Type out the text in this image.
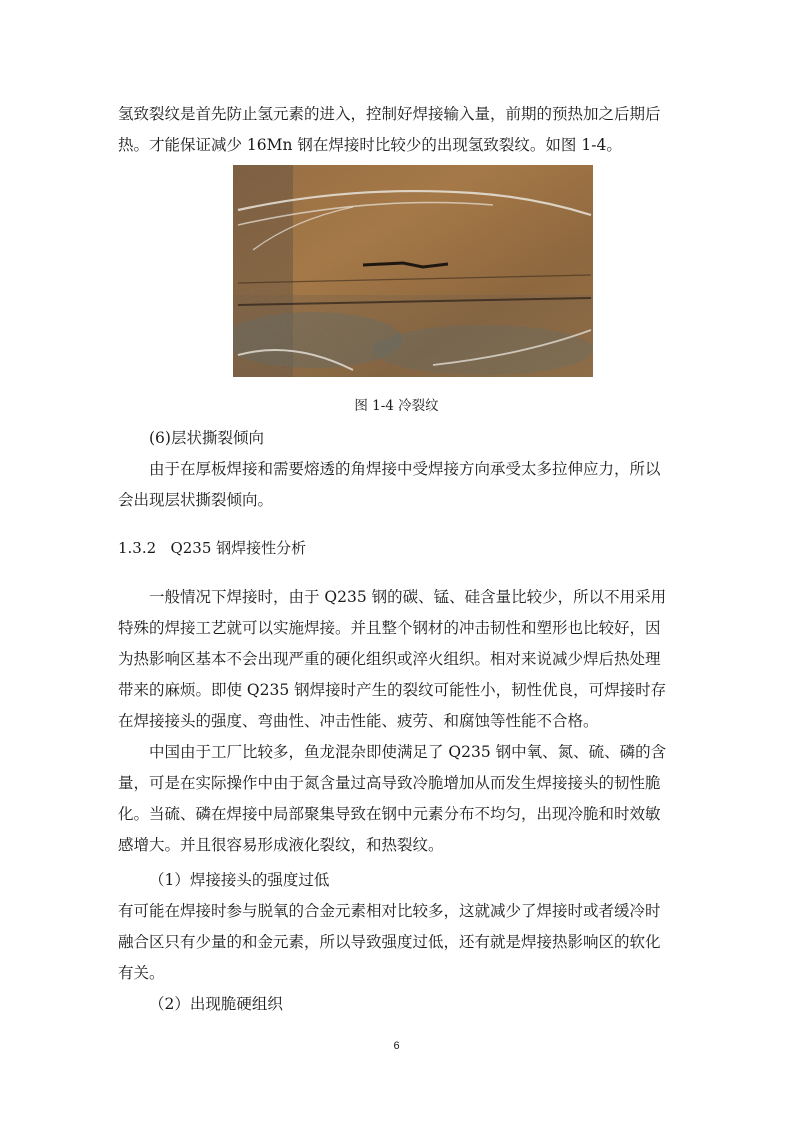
氢致裂纹是首先防止氢元素的进入，控制好焊接输入量，前期的预热加之后期后
热。才能保证减少 16Mn 钢在焊接时比较少的出现氢致裂纹。如图 1-4。

图 1-4 冷裂纹

(6)层状撕裂倾向

由于在厚板焊接和需要熔透的角焊接中受焊接方向承受太多拉伸应力，所以
会出现层状撕裂倾向。

1.3.2   Q235 钢焊接性分析

一般情况下焊接时，由于 Q235 钢的碳、锰、硅含量比较少，所以不用采用
特殊的焊接工艺就可以实施焊接。并且整个钢材的冲击韧性和塑形也比较好，因
为热影响区基本不会出现严重的硬化组织或淬火组织。相对来说减少焊后热处理
带来的麻烦。即使 Q235 钢焊接时产生的裂纹可能性小，韧性优良，可焊接时存
在焊接接头的强度、弯曲性、冲击性能、疲劳、和腐蚀等性能不合格。

中国由于工厂比较多，鱼龙混杂即使满足了 Q235 钢中氧、氮、硫、磷的含
量，可是在实际操作中由于氮含量过高导致冷脆增加从而发生焊接接头的韧性脆
化。当硫、磷在焊接中局部聚集导致在钢中元素分布不均匀，出现冷脆和时效敏
感增大。并且很容易形成液化裂纹，和热裂纹。

（1）焊接接头的强度过低

有可能在焊接时参与脱氧的合金元素相对比较多，这就减少了焊接时或者缓冷时
融合区只有少量的和金元素，所以导致强度过低，还有就是焊接热影响区的软化
有关。

（2）出现脆硬组织

6
